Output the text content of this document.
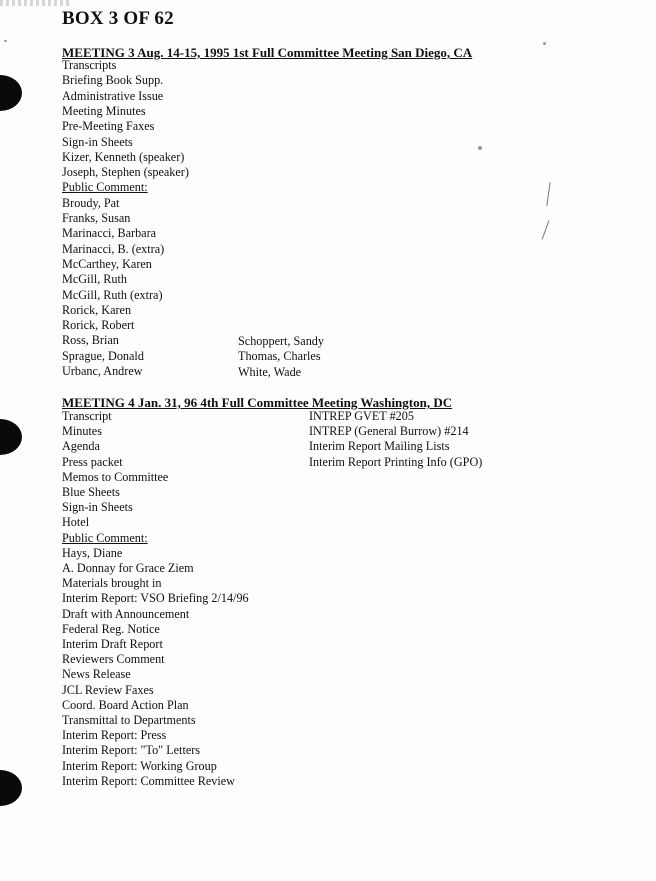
BOX 3 OF 62
MEETING 3 Aug. 14-15, 1995 1st Full Committee Meeting San Diego, CA
Transcripts
Briefing Book Supp.
Administrative Issue
Meeting Minutes
Pre-Meeting Faxes
Sign-in Sheets
Kizer, Kenneth (speaker)
Joseph, Stephen (speaker)
Public Comment:
Broudy, Pat
Franks, Susan
Marinacci, Barbara
Marinacci, B. (extra)
McCarthey, Karen
McGill, Ruth
McGill, Ruth (extra)
Rorick, Karen
Rorick, Robert
Ross, Brian
Sprague, Donald
Urbanc, Andrew
Schoppert, Sandy
Thomas, Charles
White, Wade
MEETING 4 Jan. 31, 96 4th Full Committee Meeting Washington, DC
Transcript
Minutes
Agenda
Press packet
Memos to Committee
Blue Sheets
Sign-in Sheets
Hotel
Public Comment:
Hays, Diane
A. Donnay for Grace Ziem
Materials brought in
Interim Report: VSO Briefing 2/14/96
Draft with Announcement
Federal Reg. Notice
Interim Draft Report
Reviewers Comment
News Release
JCL Review Faxes
Coord. Board Action Plan
Transmittal to Departments
Interim Report: Press
Interim Report: "To" Letters
Interim Report: Working Group
Interim Report: Committee Review
INTREP GVET #205
INTREP (General Burrow) #214
Interim Report Mailing Lists
Interim Report Printing Info (GPO)
